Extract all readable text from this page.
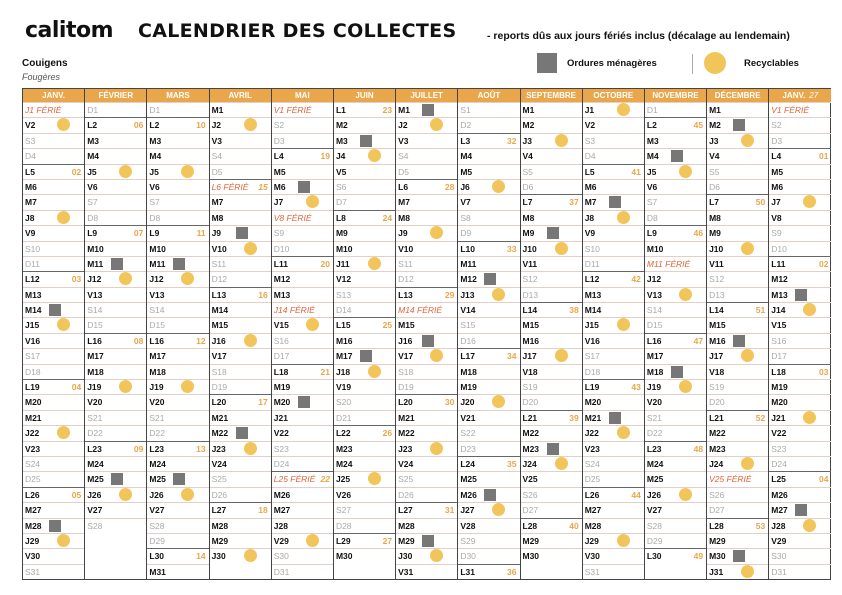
calitom CALENDRIER DES COLLECTES	- reports dûs aux jours fériés inclus (décalage au lendemain)
Couigens
Fougères
Ordures ménagères	Recyclables
JANV.
J1 FÉRIÉ
V2
S3
D4
L5	02
M6
M7
J8
V9
S10
D11
L12	03
M13
M14
J15
V16
S17
D18
L19	04
M20
M21
J22
V23
S24
D25
L26	05
M27
M28
J29
V30
S31
FÉVRIER
D1
L2	06
M3
M4
J5
V6
S7
D8
L9	07
M10
M11
J12
V13
S14
D15
L16	08
M17
M18
J19
V20
S21
D22
L23	09
M24
M25
J26
V27
S28
MARS
D1
L2	10
M3
M4
J5
V6
S7
D8
L9	11
M10
M11
J12
V13
S14
D15
L16	12
M17
M18
J19
V20
S21
D22
L23	13
M24
M25
J26
V27
S28
D29
L30	14
M31
AVRIL
M1
J2
V3
S4
D5
L6 FÉRIÉ 15
M7
M8
J9
V10
S11
D12
L13	16
M14
M15
J16
V17
S18
D19
L20	17
M21
M22
J23
V24
S25
D26
L27	18
M28
M29
J30
MAI
V1 FÉRIÉ
S2
D3
L4	19
M5
M6
J7
V8 FÉRIÉ
S9
D10
L11	20
M12
M13
J14 FÉRIÉ
V15
S16
D17
L18	21
M19
M20
J21
V22
S23
D24
L25 FÉRIÉ 22
M26
M27
J28
V29
S30
D31
JUIN
L1	23
M2
M3
J4
V5
S6
D7
L8	24
M9
M10
J11
V12
S13
D14
L15	25
M16
M17
J18
V19
S20
D21
L22	26
M23
M24
J25
V26
S27
D28
L29	27
M30
JUILLET
M1
J2
V3
S4
D5
L6	28
M7
M8
J9
V10
S11
D12
L13	29
M14 FÉRIÉ
M15
J16
V17
S18
D19
L20	30
M21
M22
J23
V24
S25
D26
L27	31
M28
M29
J30
V31
AOÛT
S1
D2
L3	32
M4
M5
J6
V7
S8
D9
L10	33
M11
M12
J13
V14
S15
D16
L17	34
M18
M19
J20
V21
S22
D23
L24	35
M25
M26
J27
V28
S29
D30
L31	36
SEPTEMBRE
M1
M2
J3
V4
S5
D6
L7	37
M8
M9
J10
V11
S12
D13
L14	38
M15
M16
J17
V18
S19
D20
L21	39
M22
M23
J24
V25
S26
D27
L28	40
M29
M30
OCTOBRE
J1
V2
S3
D4
L5	41
M6
M7
J8
V9
S10
D11
L12	42
M13
M14
J15
V16
S17
D18
L19	43
M20
M21
J22
V23
S24
D25
L26	44
M27
M28
J29
V30
S31
NOVEMBRE
D1
L2	45
M3
M4
J5
V6
S7
D8
L9	46
M10
M11 FÉRIÉ
J12
V13
S14
D15
L16	47
M17
M18
J19
V20
S21
D22
L23	48
M24
M25
J26
V27
S28
D29
L30	49
DÉCEMBRE
M1
M2
J3
V4
S5
D6
L7	50
M8
M9
J10
V11
S12
D13
L14	51
M15
M16
J17
V18
S19
D20
L21	52
M22
M23
J24
V25 FÉRIÉ
S26
D27
L28	53
M29
M30
J31
JANV. 27
V1 FÉRIÉ
S2
D3
L4	01
M5
M6
J7
V8
S9
D10
L11	02
M12
M13
J14
V15
S16
D17
L18	03
M19
M20
J21
V22
S23
D24
L25	04
M26
M27
J28
V29
S30
D31
